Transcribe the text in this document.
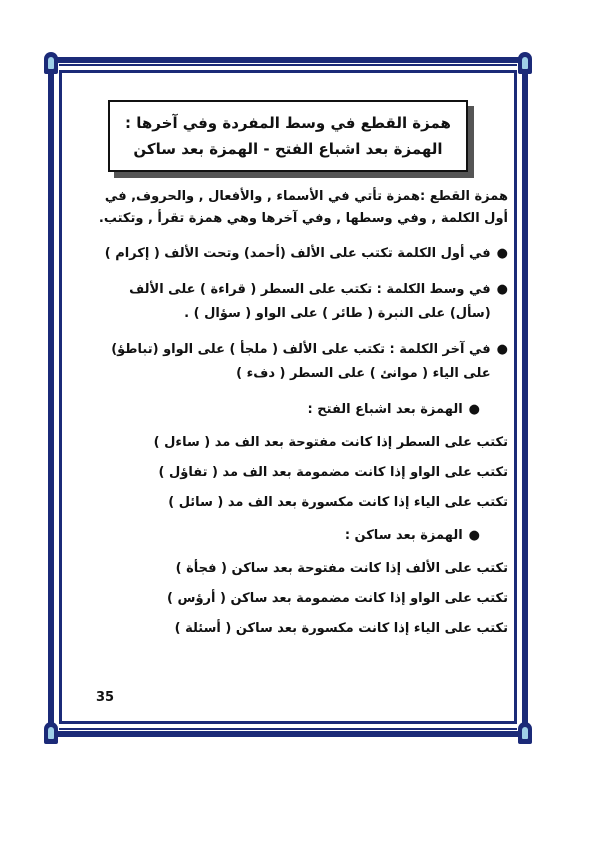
همزة القطع في وسط المفردة وفي آخرها :
الهمزة بعد اشباع الفتح - الهمزة بعد ساكن

همزة القطع :همزة تأتي في الأسماء , والأفعال , والحروف, في أول الكلمة , وفي وسطها , وفي آخرها وهي همزة تقرأ , وتكتب.

●
في أول الكلمة تكتب على الألف (أحمد) وتحت الألف ( إكرام )
●
في وسط الكلمة : تكتب على السطر ( قراءة ) على الألف (سأل) على النبرة ( طائر ) على الواو ( سؤال ) .
●
في آخر الكلمة : تكتب على الألف ( ملجأ ) على الواو (تباطؤ) على الياء ( موانئ ) على السطر ( دفء )
●
الهمزة بعد اشباع الفتح :
تكتب على السطر إذا كانت مفتوحة بعد الف مد ( ساءل )
تكتب على الواو إذا كانت مضمومة بعد الف مد ( تفاؤل )
تكتب على الياء إذا كانت مكسورة بعد الف مد ( سائل )
●
الهمزة بعد ساكن :
تكتب على الألف إذا كانت مفتوحة بعد ساكن ( فجأة )
تكتب على الواو إذا كانت مضمومة بعد ساكن ( أرؤس )
تكتب على الياء إذا كانت مكسورة بعد ساكن ( أسئلة )
35
